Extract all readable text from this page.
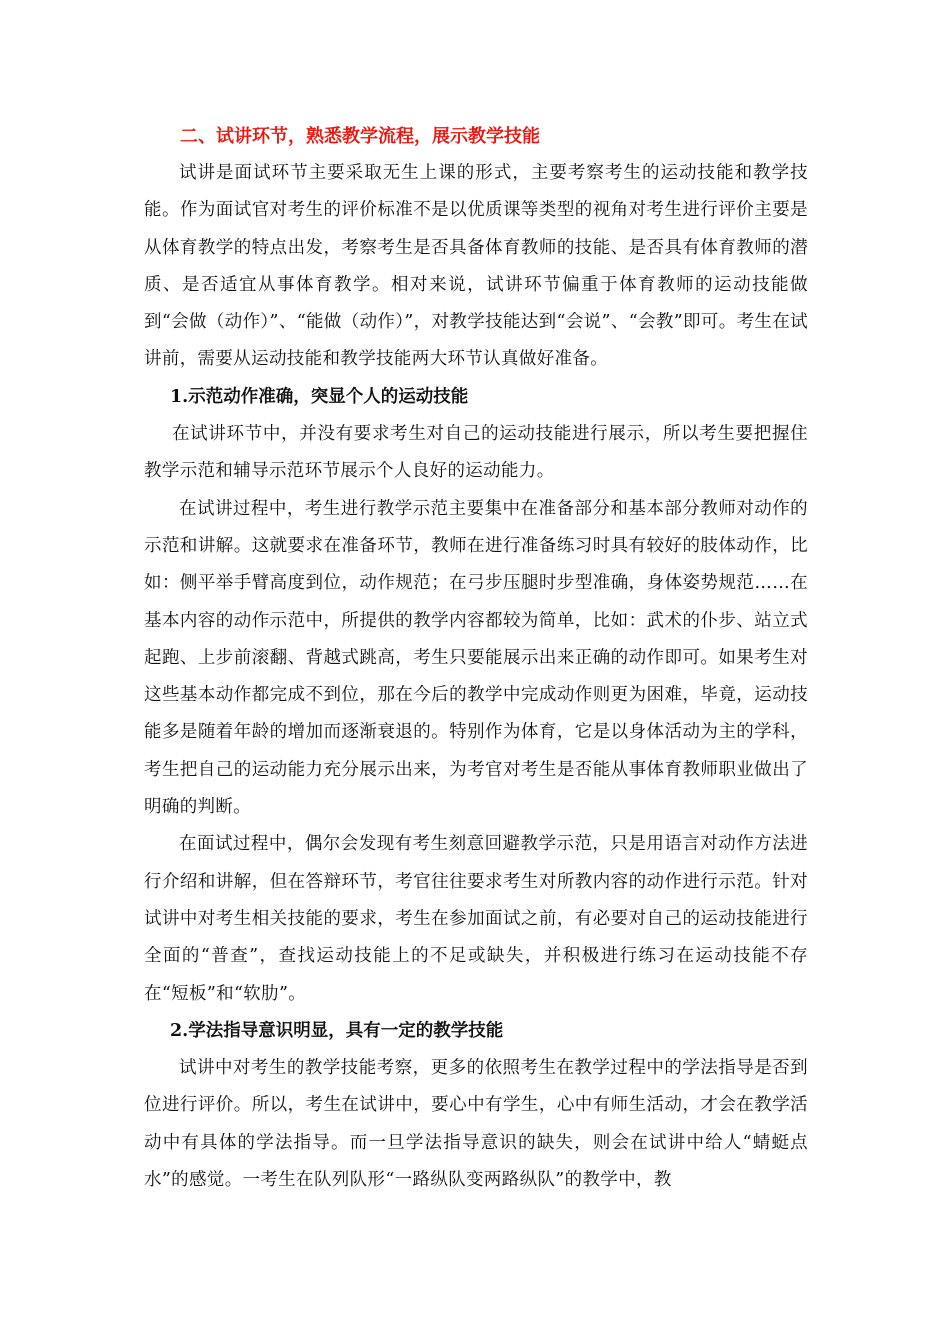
二、试讲环节，熟悉教学流程，展示教学技能

试讲是面试环节主要采取无生上课的形式，主要考察考生的运动技能和教学技能。作为面试官对考生的评价标准不是以优质课等类型的视角对考生进行评价主要是从体育教学的特点出发，考察考生是否具备体育教师的技能、是否具有体育教师的潜质、是否适宜从事体育教学。相对来说，试讲环节偏重于体育教师的运动技能做到“会做（动作）”、“能做（动作）”，对教学技能达到“会说”、“会教”即可。考生在试讲前，需要从运动技能和教学技能两大环节认真做好准备。

1.示范动作准确，突显个人的运动技能

在试讲环节中，并没有要求考生对自己的运动技能进行展示，所以考生要把握住教学示范和辅导示范环节展示个人良好的运动能力。

在试讲过程中，考生进行教学示范主要集中在准备部分和基本部分教师对动作的示范和讲解。这就要求在准备环节，教师在进行准备练习时具有较好的肢体动作，比如：侧平举手臂高度到位，动作规范；在弓步压腿时步型准确，身体姿势规范……在基本内容的动作示范中，所提供的教学内容都较为简单，比如：武术的仆步、站立式起跑、上步前滚翻、背越式跳高，考生只要能展示出来正确的动作即可。如果考生对这些基本动作都完成不到位，那在今后的教学中完成动作则更为困难，毕竟，运动技能多是随着年龄的增加而逐渐衰退的。特别作为体育，它是以身体活动为主的学科，考生把自己的运动能力充分展示出来，为考官对考生是否能从事体育教师职业做出了明确的判断。

在面试过程中，偶尔会发现有考生刻意回避教学示范，只是用语言对动作方法进行介绍和讲解，但在答辩环节，考官往往要求考生对所教内容的动作进行示范。针对试讲中对考生相关技能的要求，考生在参加面试之前，有必要对自己的运动技能进行全面的“普查”，查找运动技能上的不足或缺失，并积极进行练习在运动技能不存在“短板”和“软肋”。

2.学法指导意识明显，具有一定的教学技能

试讲中对考生的教学技能考察，更多的依照考生在教学过程中的学法指导是否到位进行评价。所以，考生在试讲中，要心中有学生，心中有师生活动，才会在教学活动中有具体的学法指导。而一旦学法指导意识的缺失，则会在试讲中给人“蜻蜓点水”的感觉。一考生在队列队形“一路纵队变两路纵队”的教学中，教
